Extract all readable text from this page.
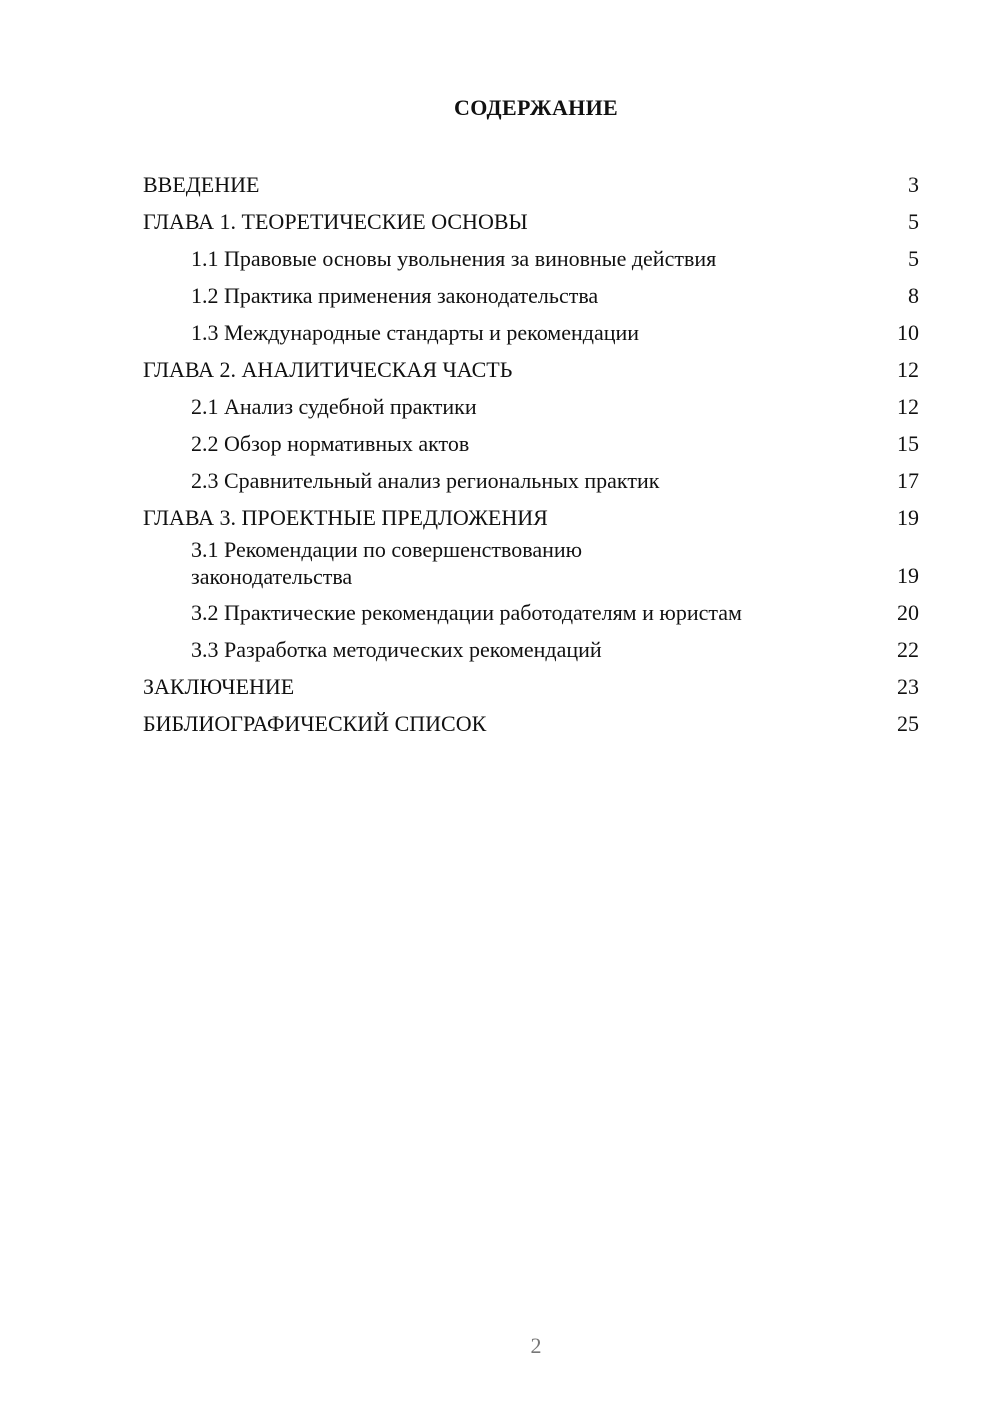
СОДЕРЖАНИЕ
ВВЕДЕНИЕ	3
ГЛАВА 1. ТЕОРЕТИЧЕСКИЕ ОСНОВЫ	5
1.1 Правовые основы увольнения за виновные действия	5
1.2 Практика применения законодательства	8
1.3 Международные стандарты и рекомендации	10
ГЛАВА 2. АНАЛИТИЧЕСКАЯ ЧАСТЬ	12
2.1 Анализ судебной практики	12
2.2 Обзор нормативных актов	15
2.3 Сравнительный анализ региональных практик	17
ГЛАВА 3. ПРОЕКТНЫЕ ПРЕДЛОЖЕНИЯ	19
3.1 Рекомендации по совершенствованию законодательства	19
3.2 Практические рекомендации работодателям и юристам	20
3.3 Разработка методических рекомендаций	22
ЗАКЛЮЧЕНИЕ	23
БИБЛИОГРАФИЧЕСКИЙ СПИСОК	25
2
